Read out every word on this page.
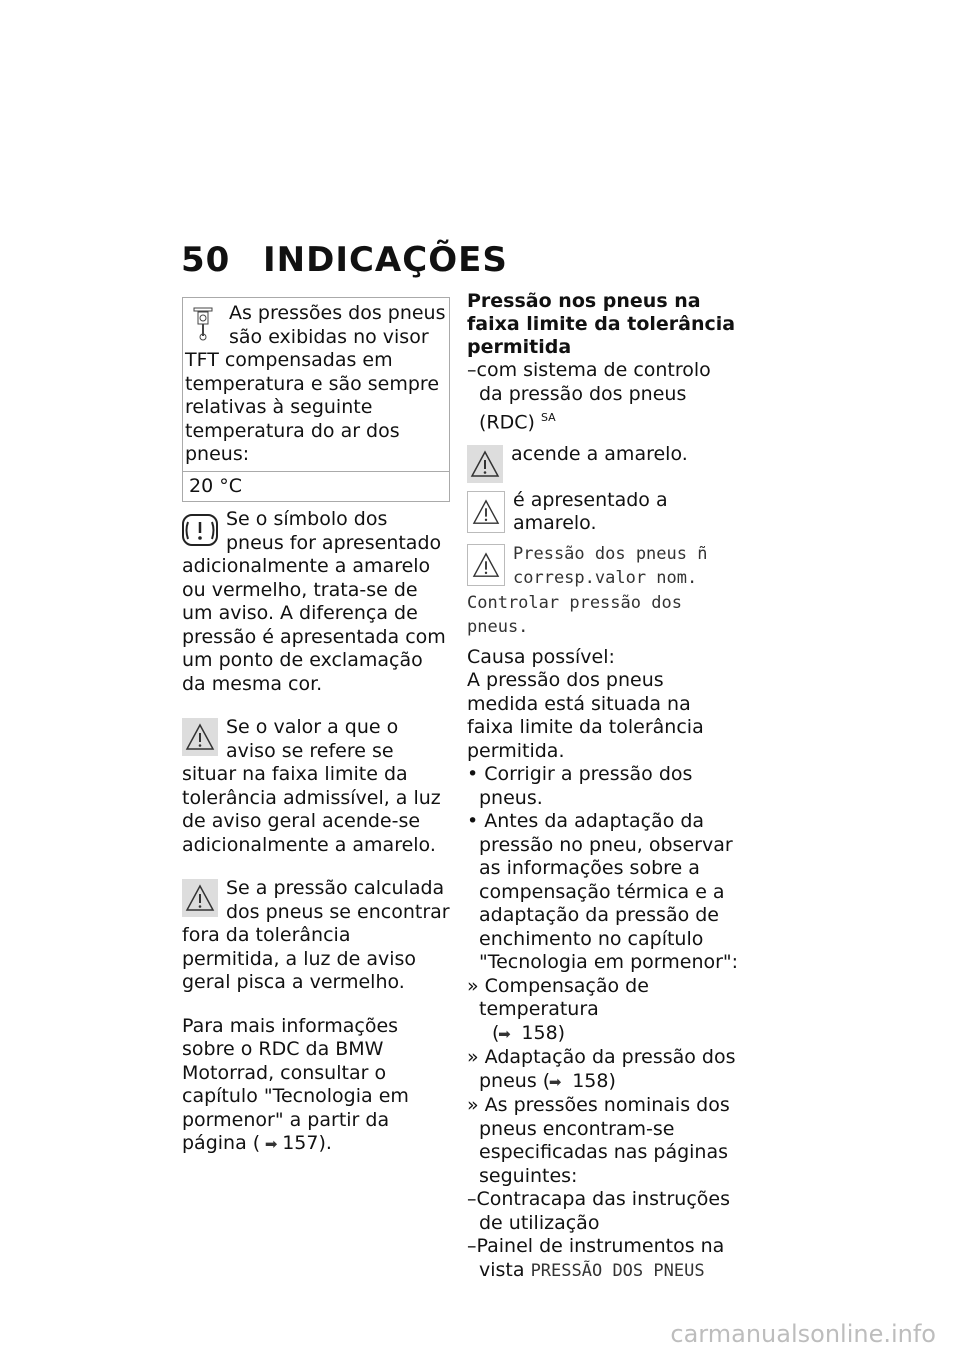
50 INDICAÇÕES
As pressões dos pneus são exibidas no visor TFT compensadas em temperatura e são sempre relativas à seguinte temperatura do ar dos pneus:
20 °C
Se o símbolo dos pneus for apresentado adicionalmente a amarelo ou vermelho, trata-se de um aviso. A diferença de pressão é apresentada com um ponto de exclamação da mesma cor.
Se o valor a que o aviso se refere se situar na faixa limite da tolerância admissível, a luz de aviso geral acende-se adicionalmente a amarelo.
Se a pressão calculada dos pneus se encontrar fora da tolerância permitida, a luz de aviso geral pisca a vermelho.
Para mais informações sobre o RDC da BMW Motorrad, consultar o capítulo "Tecnologia em pormenor" a partir da página ( ➡ 157).
Pressão nos pneus na faixa limite da tolerância permitida
–com sistema de controlo da pressão dos pneus (RDC) $^{SA}$
acende a amarelo.
é apresentado a amarelo.
Pressão dos pneus ñ corresp.valor nom. Controlar pressão dos pneus.
Causa possível:
A pressão dos pneus medida está situada na faixa limite da tolerância permitida.
• Corrigir a pressão dos pneus.
• Antes da adaptação da pressão no pneu, observar as informações sobre a compensação térmica e a adaptação da pressão de enchimento no capítulo "Tecnologia em pormenor":
» Compensação de temperatura
(➡ 158)
» Adaptação da pressão dos pneus (➡ 158)
» As pressões nominais dos pneus encontram-se especificadas nas páginas seguintes:
–Contracapa das instruções de utilização
–Painel de instrumentos na vista PRESSÃO DOS PNEUS
carmanualsonline.info
